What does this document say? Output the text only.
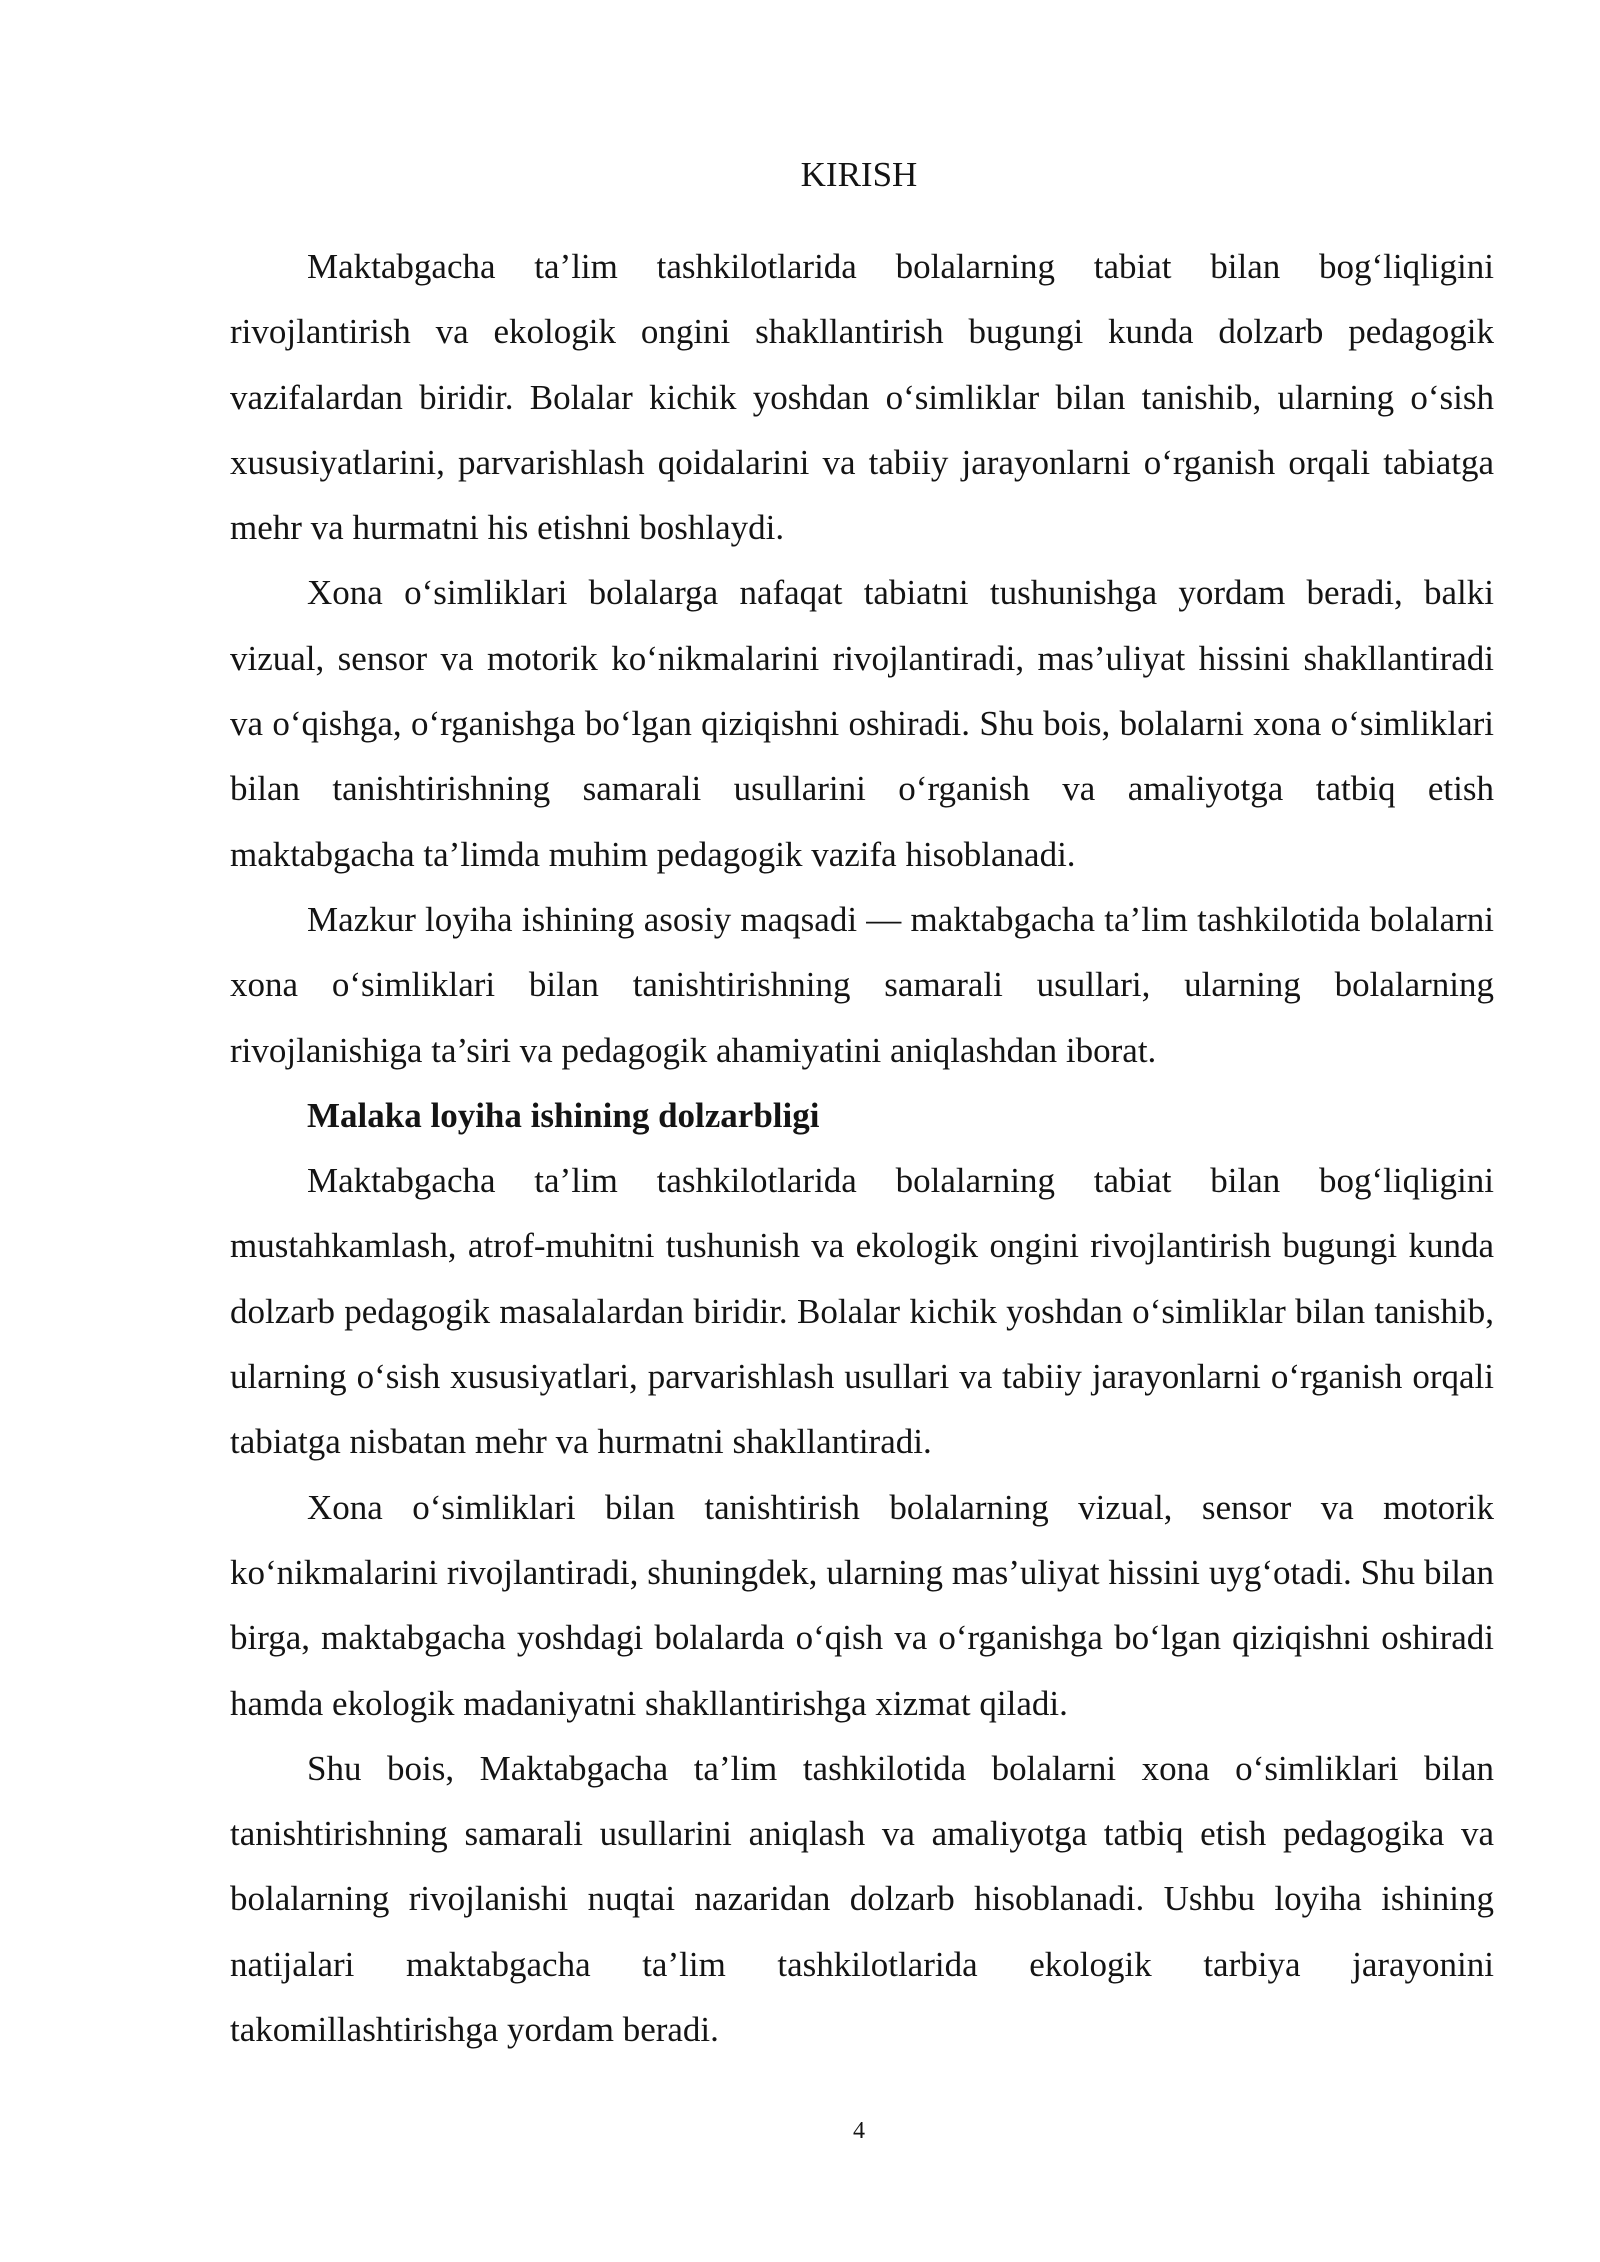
KIRISH

Maktabgacha ta’lim tashkilotlarida bolalarning tabiat bilan bog‘liqligini rivojlantirish va ekologik ongini shakllantirish bugungi kunda dolzarb pedagogik vazifalardan biridir. Bolalar kichik yoshdan o‘simliklar bilan tanishib, ularning o‘sish xususiyatlarini, parvarishlash qoidalarini va tabiiy jarayonlarni o‘rganish orqali tabiatga mehr va hurmatni his etishni boshlaydi.

Xona o‘simliklari bolalarga nafaqat tabiatni tushunishga yordam beradi, balki vizual, sensor va motorik ko‘nikmalarini rivojlantiradi, mas’uliyat hissini shakllantiradi va o‘qishga, o‘rganishga bo‘lgan qiziqishni oshiradi. Shu bois, bolalarni xona o‘simliklari bilan tanishtirishning samarali usullarini o‘rganish va amaliyotga tatbiq etish maktabgacha ta’limda muhim pedagogik vazifa hisoblanadi.

Mazkur loyiha ishining asosiy maqsadi — maktabgacha ta’lim tashkilotida bolalarni xona o‘simliklari bilan tanishtirishning samarali usullari, ularning bolalarning rivojlanishiga ta’siri va pedagogik ahamiyatini aniqlashdan iborat.

Malaka loyiha ishining dolzarbligi

Maktabgacha ta’lim tashkilotlarida bolalarning tabiat bilan bog‘liqligini mustahkamlash, atrof-muhitni tushunish va ekologik ongini rivojlantirish bugungi kunda dolzarb pedagogik masalalardan biridir. Bolalar kichik yoshdan o‘simliklar bilan tanishib, ularning o‘sish xususiyatlari, parvarishlash usullari va tabiiy jarayonlarni o‘rganish orqali tabiatga nisbatan mehr va hurmatni shakllantiradi.

Xona o‘simliklari bilan tanishtirish bolalarning vizual, sensor va motorik ko‘nikmalarini rivojlantiradi, shuningdek, ularning mas’uliyat hissini uyg‘otadi. Shu bilan birga, maktabgacha yoshdagi bolalarda o‘qish va o‘rganishga bo‘lgan qiziqishni oshiradi hamda ekologik madaniyatni shakllantirishga xizmat qiladi.

Shu bois, Maktabgacha ta’lim tashkilotida bolalarni xona o‘simliklari bilan tanishtirishning samarali usullarini aniqlash va amaliyotga tatbiq etish pedagogika va bolalarning rivojlanishi nuqtai nazaridan dolzarb hisoblanadi. Ushbu loyiha ishining natijalari maktabgacha ta’lim tashkilotlarida ekologik tarbiya jarayonini takomillashtirishga yordam beradi.

4
